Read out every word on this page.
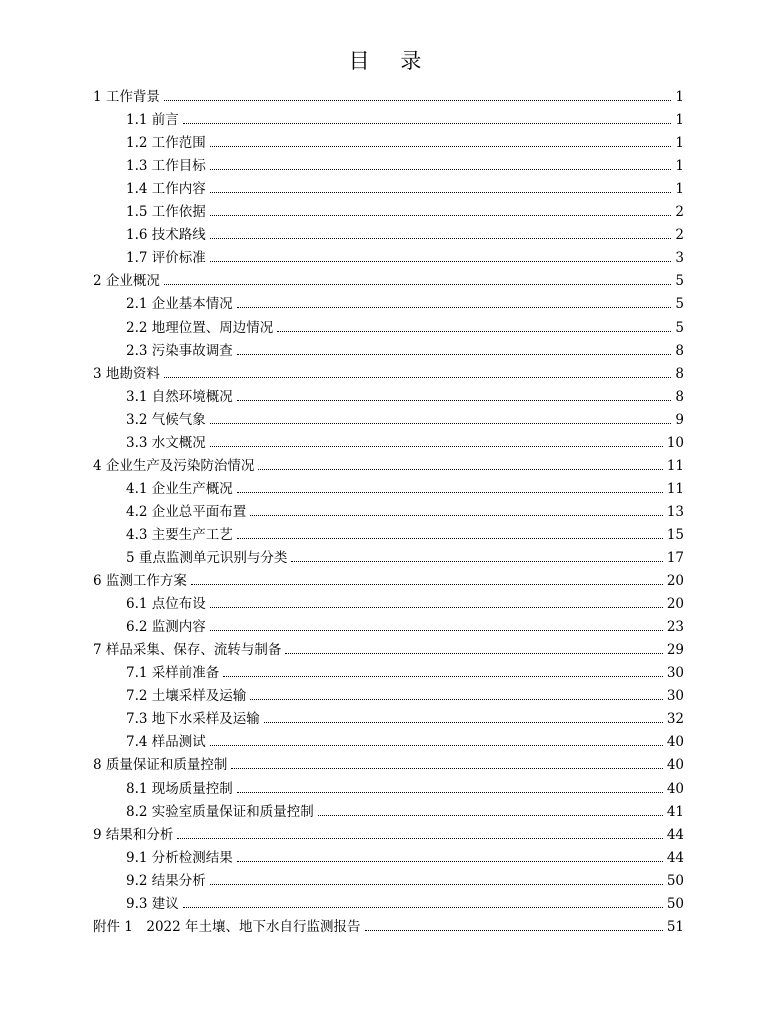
目 录
1 工作背景	1
1.1 前言	1
1.2 工作范围	1
1.3 工作目标	1
1.4 工作内容	1
1.5 工作依据	2
1.6 技术路线	2
1.7 评价标准	3
2 企业概况	5
2.1 企业基本情况	5
2.2 地理位置、周边情况	5
2.3 污染事故调查	8
3 地勘资料	8
3.1 自然环境概况	8
3.2 气候气象	9
3.3 水文概况	10
4 企业生产及污染防治情况	11
4.1 企业生产概况	11
4.2 企业总平面布置	13
4.3 主要生产工艺	15
5 重点监测单元识别与分类	17
6 监测工作方案	20
6.1 点位布设	20
6.2 监测内容	23
7 样品采集、保存、流转与制备	29
7.1 采样前准备	30
7.2 土壤采样及运输	30
7.3 地下水采样及运输	32
7.4 样品测试	40
8 质量保证和质量控制	40
8.1 现场质量控制	40
8.2 实验室质量保证和质量控制	41
9 结果和分析	44
9.1 分析检测结果	44
9.2 结果分析	50
9.3 建议	50
附件 1　2022 年土壤、地下水自行监测报告	51
